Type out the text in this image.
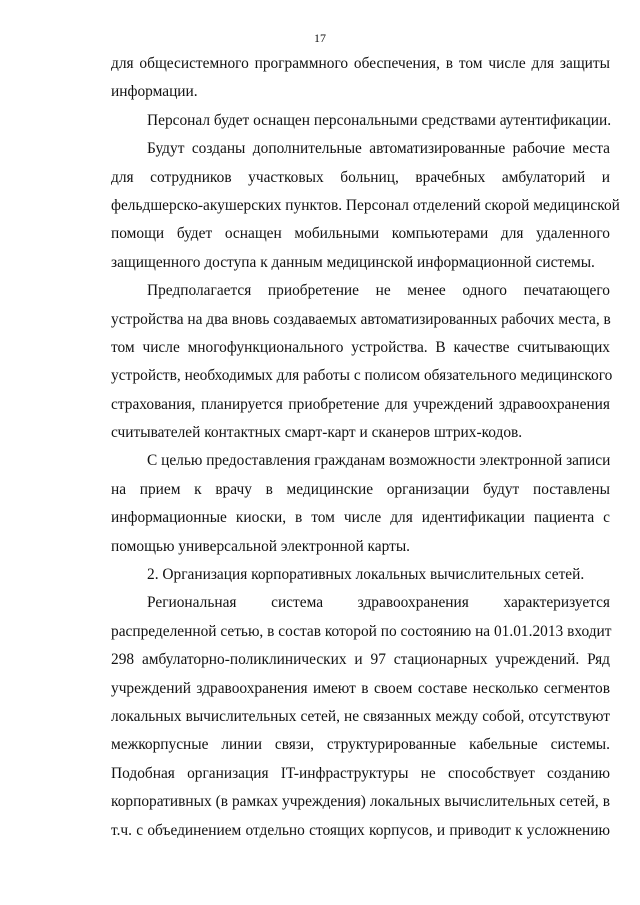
17
для общесистемного программного обеспечения, в том числе для защиты
информации.
Персонал будет оснащен персональными средствами аутентификации.
Будут созданы дополнительные автоматизированные рабочие места
для сотрудников участковых больниц, врачебных амбулаторий и
фельдшерско-акушерских пунктов. Персонал отделений скорой медицинской
помощи будет оснащен мобильными компьютерами для удаленного
защищенного доступа к данным медицинской информационной системы.
Предполагается приобретение не менее одного печатающего
устройства на два вновь создаваемых автоматизированных рабочих места, в
том числе многофункционального устройства. В качестве считывающих
устройств, необходимых для работы с полисом обязательного медицинского
страхования, планируется приобретение для учреждений здравоохранения
считывателей контактных смарт-карт и сканеров штрих-кодов.
С целью предоставления гражданам возможности электронной записи
на прием к врачу в медицинские организации будут поставлены
информационные киоски, в том числе для идентификации пациента с
помощью универсальной электронной карты.
2. Организация корпоративных локальных вычислительных сетей.
Региональная система здравоохранения характеризуется
распределенной сетью, в состав которой по состоянию на 01.01.2013 входит
298 амбулаторно-поликлинических и 97 стационарных учреждений. Ряд
учреждений здравоохранения имеют в своем составе несколько сегментов
локальных вычислительных сетей, не связанных между собой, отсутствуют
межкорпусные линии связи, структурированные кабельные системы.
Подобная организация IT-инфраструктуры не способствует созданию
корпоративных (в рамках учреждения) локальных вычислительных сетей, в
т.ч. с объединением отдельно стоящих корпусов, и приводит к усложнению
